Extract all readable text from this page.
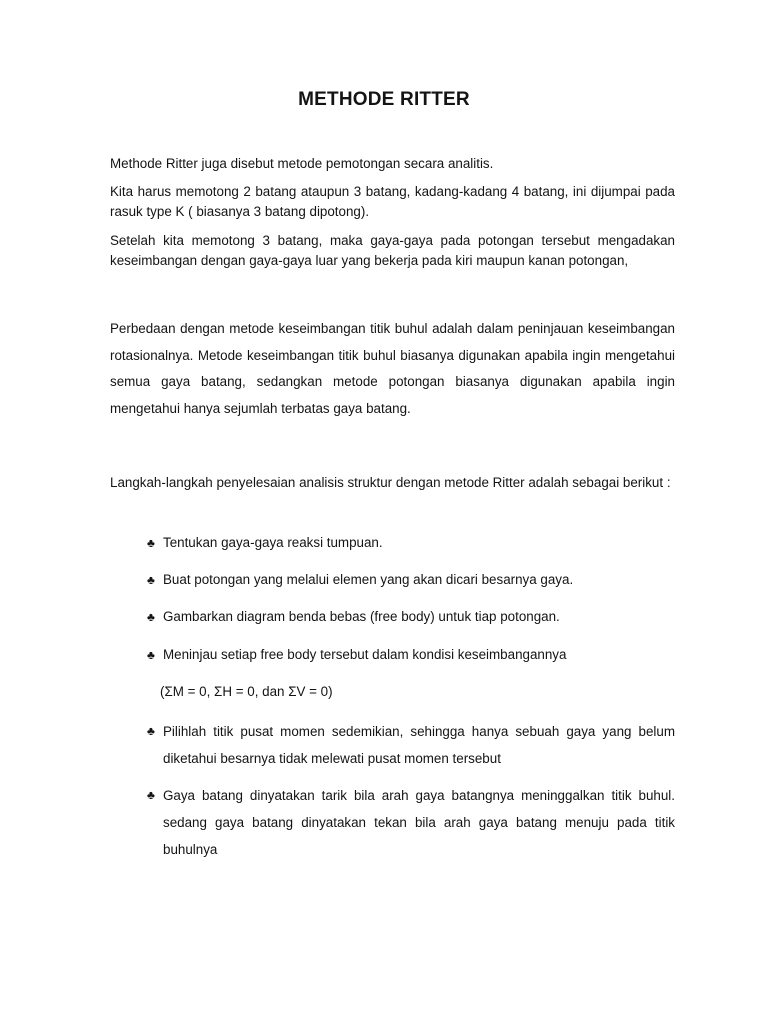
METHODE RITTER

Methode Ritter juga disebut metode pemotongan secara analitis.

Kita harus memotong 2 batang ataupun 3 batang, kadang-kadang 4 batang, ini dijumpai pada rasuk type K ( biasanya 3 batang dipotong).

Setelah kita memotong 3 batang, maka gaya-gaya pada potongan tersebut mengadakan keseimbangan dengan gaya-gaya luar yang bekerja pada kiri maupun kanan potongan,

Perbedaan dengan metode keseimbangan titik buhul adalah dalam peninjauan keseimbangan rotasionalnya. Metode keseimbangan titik buhul biasanya digunakan apabila ingin mengetahui semua gaya batang, sedangkan metode potongan biasanya digunakan apabila ingin mengetahui hanya sejumlah terbatas gaya batang.

Langkah-langkah penyelesaian analisis struktur dengan metode Ritter adalah sebagai berikut :

♣ Tentukan gaya-gaya reaksi tumpuan.
♣ Buat potongan yang melalui elemen yang akan dicari besarnya gaya.
♣ Gambarkan diagram benda bebas (free body) untuk tiap potongan.
♣ Meninjau setiap free body tersebut dalam kondisi keseimbangannya
♣ Pilihlah titik pusat momen sedemikian, sehingga hanya sebuah gaya yang belum diketahui besarnya tidak melewati pusat momen tersebut
♣ Gaya batang dinyatakan tarik bila arah gaya batangnya meninggalkan titik buhul. sedang gaya batang dinyatakan tekan bila arah gaya batang menuju pada titik buhulnya
(ΣM = 0, ΣH = 0, dan ΣV = 0)
